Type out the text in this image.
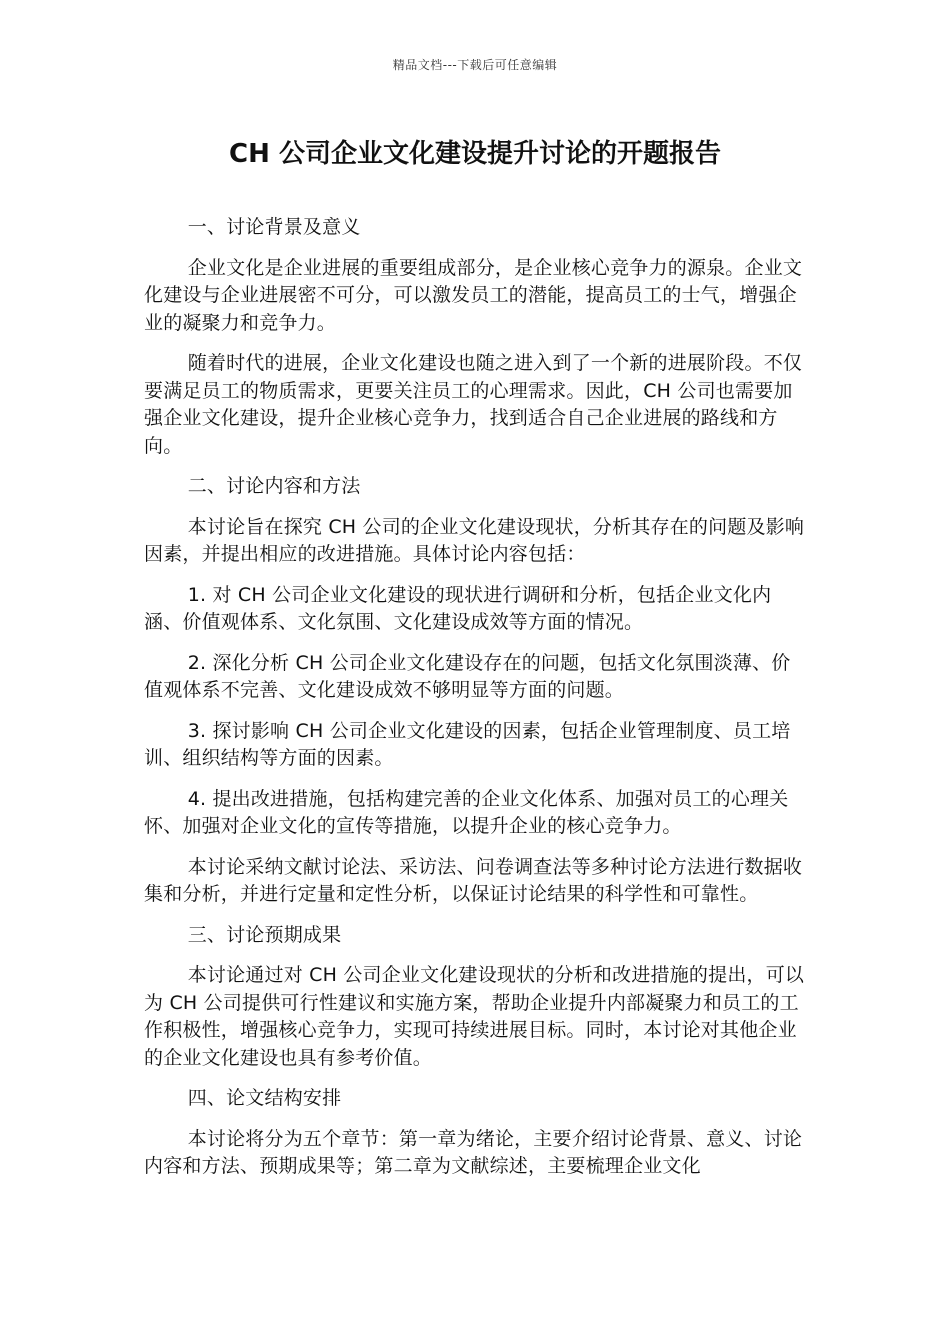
精品文档---下载后可任意编辑
CH 公司企业文化建设提升讨论的开题报告

一、讨论背景及意义

企业文化是企业进展的重要组成部分，是企业核心竞争力的源泉。企业文化建设与企业进展密不可分，可以激发员工的潜能，提高员工的士气，增强企业的凝聚力和竞争力。

随着时代的进展，企业文化建设也随之进入到了一个新的进展阶段。不仅要满足员工的物质需求，更要关注员工的心理需求。因此，CH 公司也需要加强企业文化建设，提升企业核心竞争力，找到适合自己企业进展的路线和方向。

二、讨论内容和方法

本讨论旨在探究 CH 公司的企业文化建设现状，分析其存在的问题及影响因素，并提出相应的改进措施。具体讨论内容包括：

1. 对 CH 公司企业文化建设的现状进行调研和分析，包括企业文化内涵、价值观体系、文化氛围、文化建设成效等方面的情况。

2. 深化分析 CH 公司企业文化建设存在的问题，包括文化氛围淡薄、价值观体系不完善、文化建设成效不够明显等方面的问题。

3. 探讨影响 CH 公司企业文化建设的因素，包括企业管理制度、员工培训、组织结构等方面的因素。

4. 提出改进措施，包括构建完善的企业文化体系、加强对员工的心理关怀、加强对企业文化的宣传等措施，以提升企业的核心竞争力。

本讨论采纳文献讨论法、采访法、问卷调查法等多种讨论方法进行数据收集和分析，并进行定量和定性分析，以保证讨论结果的科学性和可靠性。

三、讨论预期成果

本讨论通过对 CH 公司企业文化建设现状的分析和改进措施的提出，可以为 CH 公司提供可行性建议和实施方案，帮助企业提升内部凝聚力和员工的工作积极性，增强核心竞争力，实现可持续进展目标。同时，本讨论对其他企业的企业文化建设也具有参考价值。

四、论文结构安排

本讨论将分为五个章节：第一章为绪论，主要介绍讨论背景、意义、讨论内容和方法、预期成果等；第二章为文献综述，主要梳理企业文化
